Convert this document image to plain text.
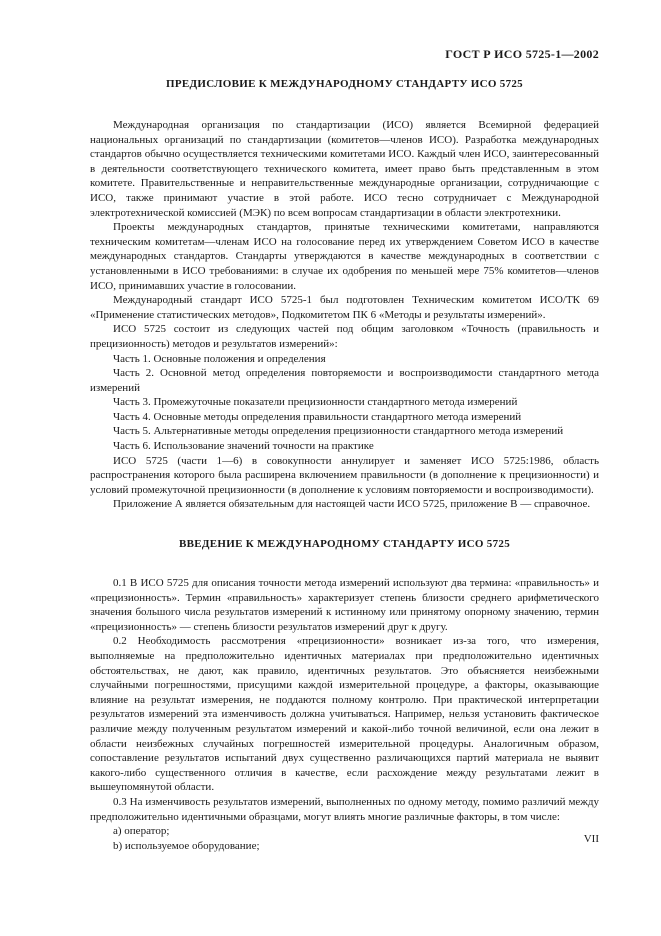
ГОСТ Р ИСО 5725-1—2002
ПРЕДИСЛОВИЕ К МЕЖДУНАРОДНОМУ СТАНДАРТУ ИСО 5725

Международная организация по стандартизации (ИСО) является Всемирной федерацией национальных организаций по стандартизации (комитетов—членов ИСО). Разработка международных стандартов обычно осуществляется техническими комитетами ИСО. Каждый член ИСО, заинтересованный в деятельности соответствующего технического комитета, имеет право быть представленным в этом комитете. Правительственные и неправительственные международные организации, сотрудничающие с ИСО, также принимают участие в этой работе. ИСО тесно сотрудничает с Международной электротехнической комиссией (МЭК) по всем вопросам стандартизации в области электротехники.

Проекты международных стандартов, принятые техническими комитетами, направляются техническим комитетам—членам ИСО на голосование перед их утверждением Советом ИСО в качестве международных стандартов. Стандарты утверждаются в качестве международных в соответствии с установленными в ИСО требованиями: в случае их одобрения по меньшей мере 75% комитетов—членов ИСО, принимавших участие в голосовании.

Международный стандарт ИСО 5725-1 был подготовлен Техническим комитетом ИСО/ТК 69 «Применение статистических методов», Подкомитетом ПК 6 «Методы и результаты измерений».

ИСО 5725 состоит из следующих частей под общим заголовком «Точность (правильность и прецизионность) методов и результатов измерений»:

Часть 1. Основные положения и определения

Часть 2. Основной метод определения повторяемости и воспроизводимости стандартного метода измерений

Часть 3. Промежуточные показатели прецизионности стандартного метода измерений

Часть 4. Основные методы определения правильности стандартного метода измерений

Часть 5. Альтернативные методы определения прецизионности стандартного метода измерений

Часть 6. Использование значений точности на практике

ИСО 5725 (части 1—6) в совокупности аннулирует и заменяет ИСО 5725:1986, область распространения которого была расширена включением правильности (в дополнение к прецизионности) и условий промежуточной прецизионности (в дополнение к условиям повторяемости и воспроизводимости).

Приложение А является обязательным для настоящей части ИСО 5725, приложение В — справочное.

ВВЕДЕНИЕ К МЕЖДУНАРОДНОМУ СТАНДАРТУ ИСО 5725

0.1 В ИСО 5725 для описания точности метода измерений используют два термина: «правильность» и «прецизионность». Термин «правильность» характеризует степень близости среднего арифметического значения большого числа результатов измерений к истинному или принятому опорному значению, термин «прецизионность» — степень близости результатов измерений друг к другу.

0.2 Необходимость рассмотрения «прецизионности» возникает из-за того, что измерения, выполняемые на предположительно идентичных материалах при предположительно идентичных обстоятельствах, не дают, как правило, идентичных результатов. Это объясняется неизбежными случайными погрешностями, присущими каждой измерительной процедуре, а факторы, оказывающие влияние на результат измерения, не поддаются полному контролю. При практической интерпретации результатов измерений эта изменчивость должна учитываться. Например, нельзя установить фактическое различие между полученным результатом измерений и какой-либо точной величиной, если она лежит в области неизбежных случайных погрешностей измерительной процедуры. Аналогичным образом, сопоставление результатов испытаний двух существенно различающихся партий материала не выявит какого-либо существенного отличия в качестве, если расхождение между результатами лежит в вышеупомянутой области.

0.3 На изменчивость результатов измерений, выполненных по одному методу, помимо различий между предположительно идентичными образцами, могут влиять многие различные факторы, в том числе:

a) оператор;

b) используемое оборудование;

VII
